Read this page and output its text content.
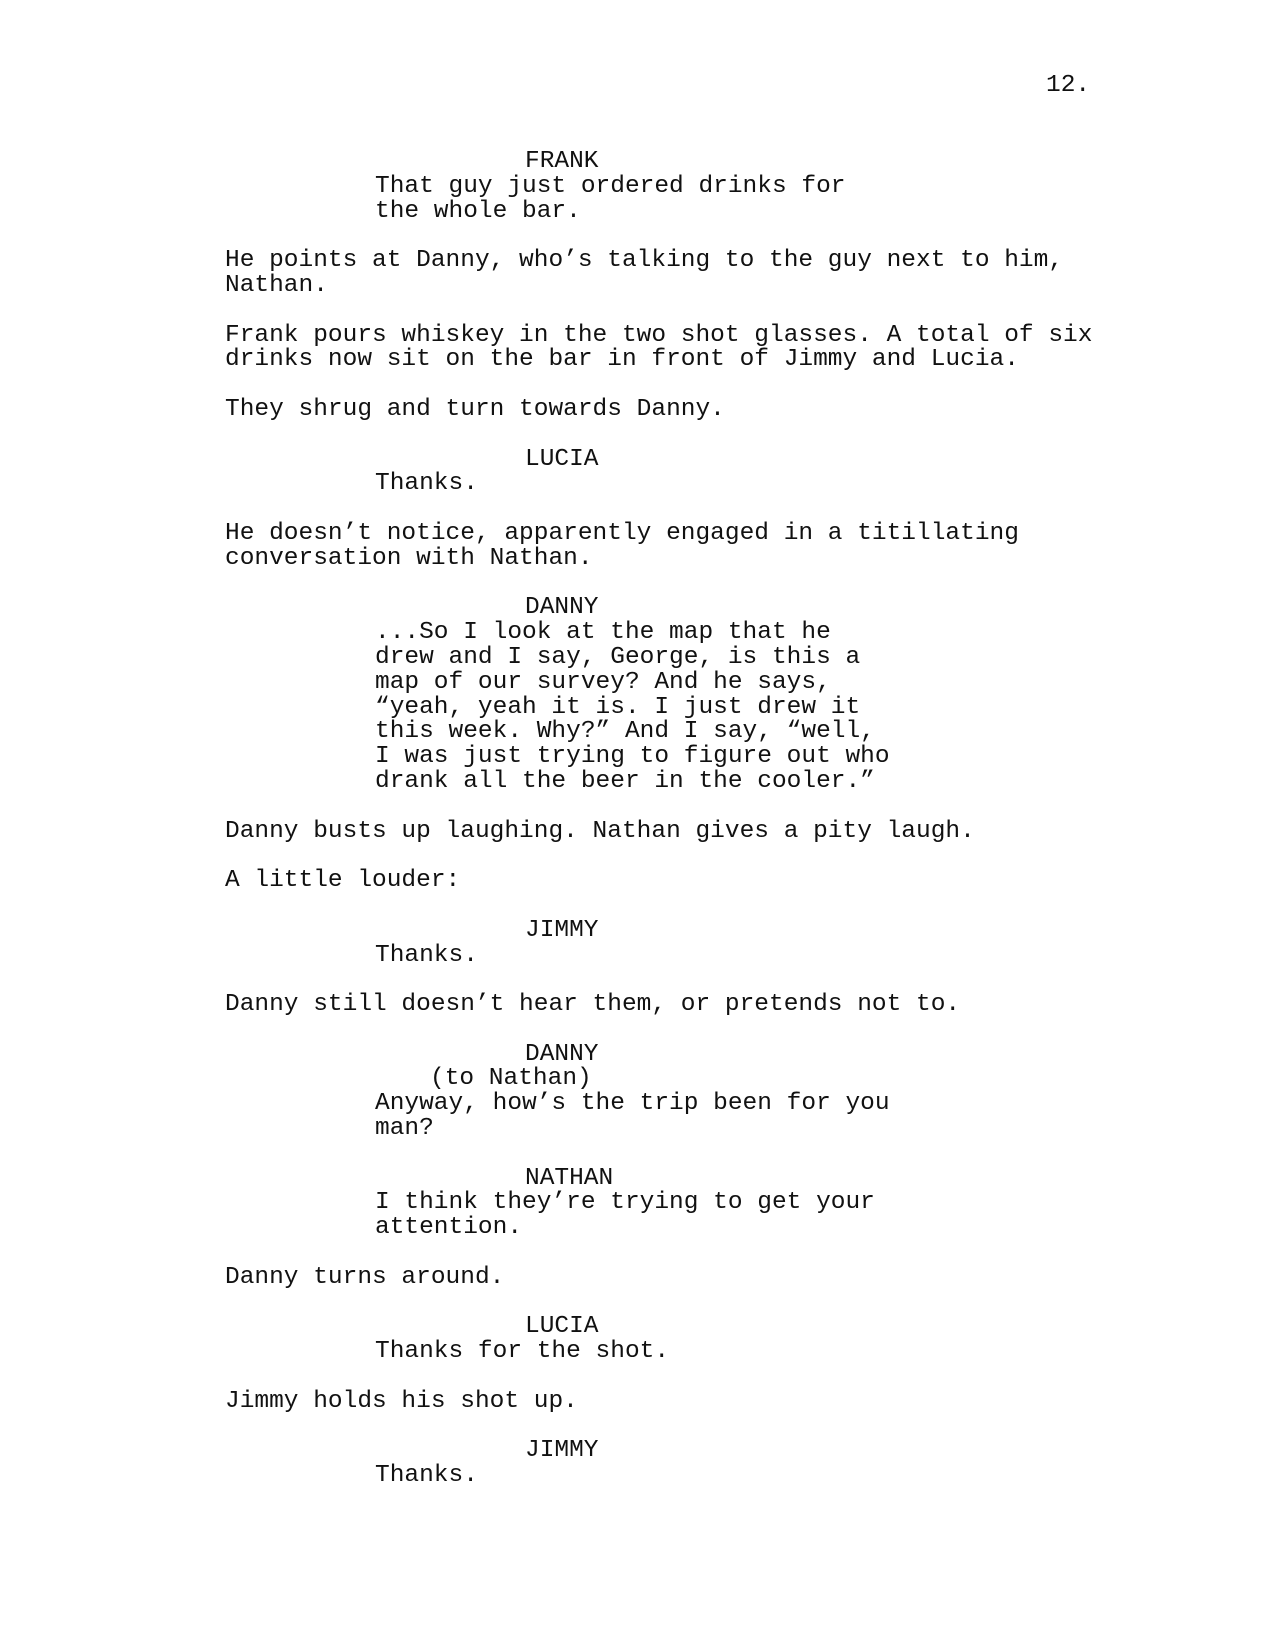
12.
FRANK
That guy just ordered drinks for
the whole bar.
He points at Danny, who’s talking to the guy next to him,
Nathan.
Frank pours whiskey in the two shot glasses. A total of six
drinks now sit on the bar in front of Jimmy and Lucia.
They shrug and turn towards Danny.
LUCIA
Thanks.
He doesn’t notice, apparently engaged in a titillating
conversation with Nathan.
DANNY
...So I look at the map that he
drew and I say, George, is this a
map of our survey? And he says,
“yeah, yeah it is. I just drew it
this week. Why?” And I say, “well,
I was just trying to figure out who
drank all the beer in the cooler.”
Danny busts up laughing. Nathan gives a pity laugh.
A little louder:
JIMMY
Thanks.
Danny still doesn’t hear them, or pretends not to.
DANNY
(to Nathan)
Anyway, how’s the trip been for you
man?
NATHAN
I think they’re trying to get your
attention.
Danny turns around.
LUCIA
Thanks for the shot.
Jimmy holds his shot up.
JIMMY
Thanks.
